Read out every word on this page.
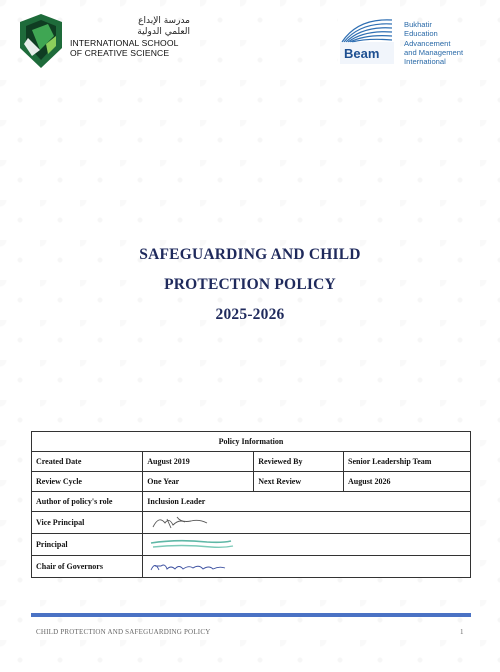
مدرسة الإبداع
العلمي الدولية
INTERNATIONAL SCHOOL
OF CREATIVE SCIENCE	Beam
Bukhatir
Education
Advancement
and Management
International
SAFEGUARDING AND CHILD
PROTECTION POLICY
2025-2026
Policy Information			
Created Date	August 2019	Reviewed By	Senior Leadership Team
Review Cycle	One Year	Next Review	August 2026
Author of policy's role	Inclusion Leader		
Vice Principal	
Principal	
Chair of Governors	
CHILD PROTECTION AND SAFEGUARDING POLICY	1
